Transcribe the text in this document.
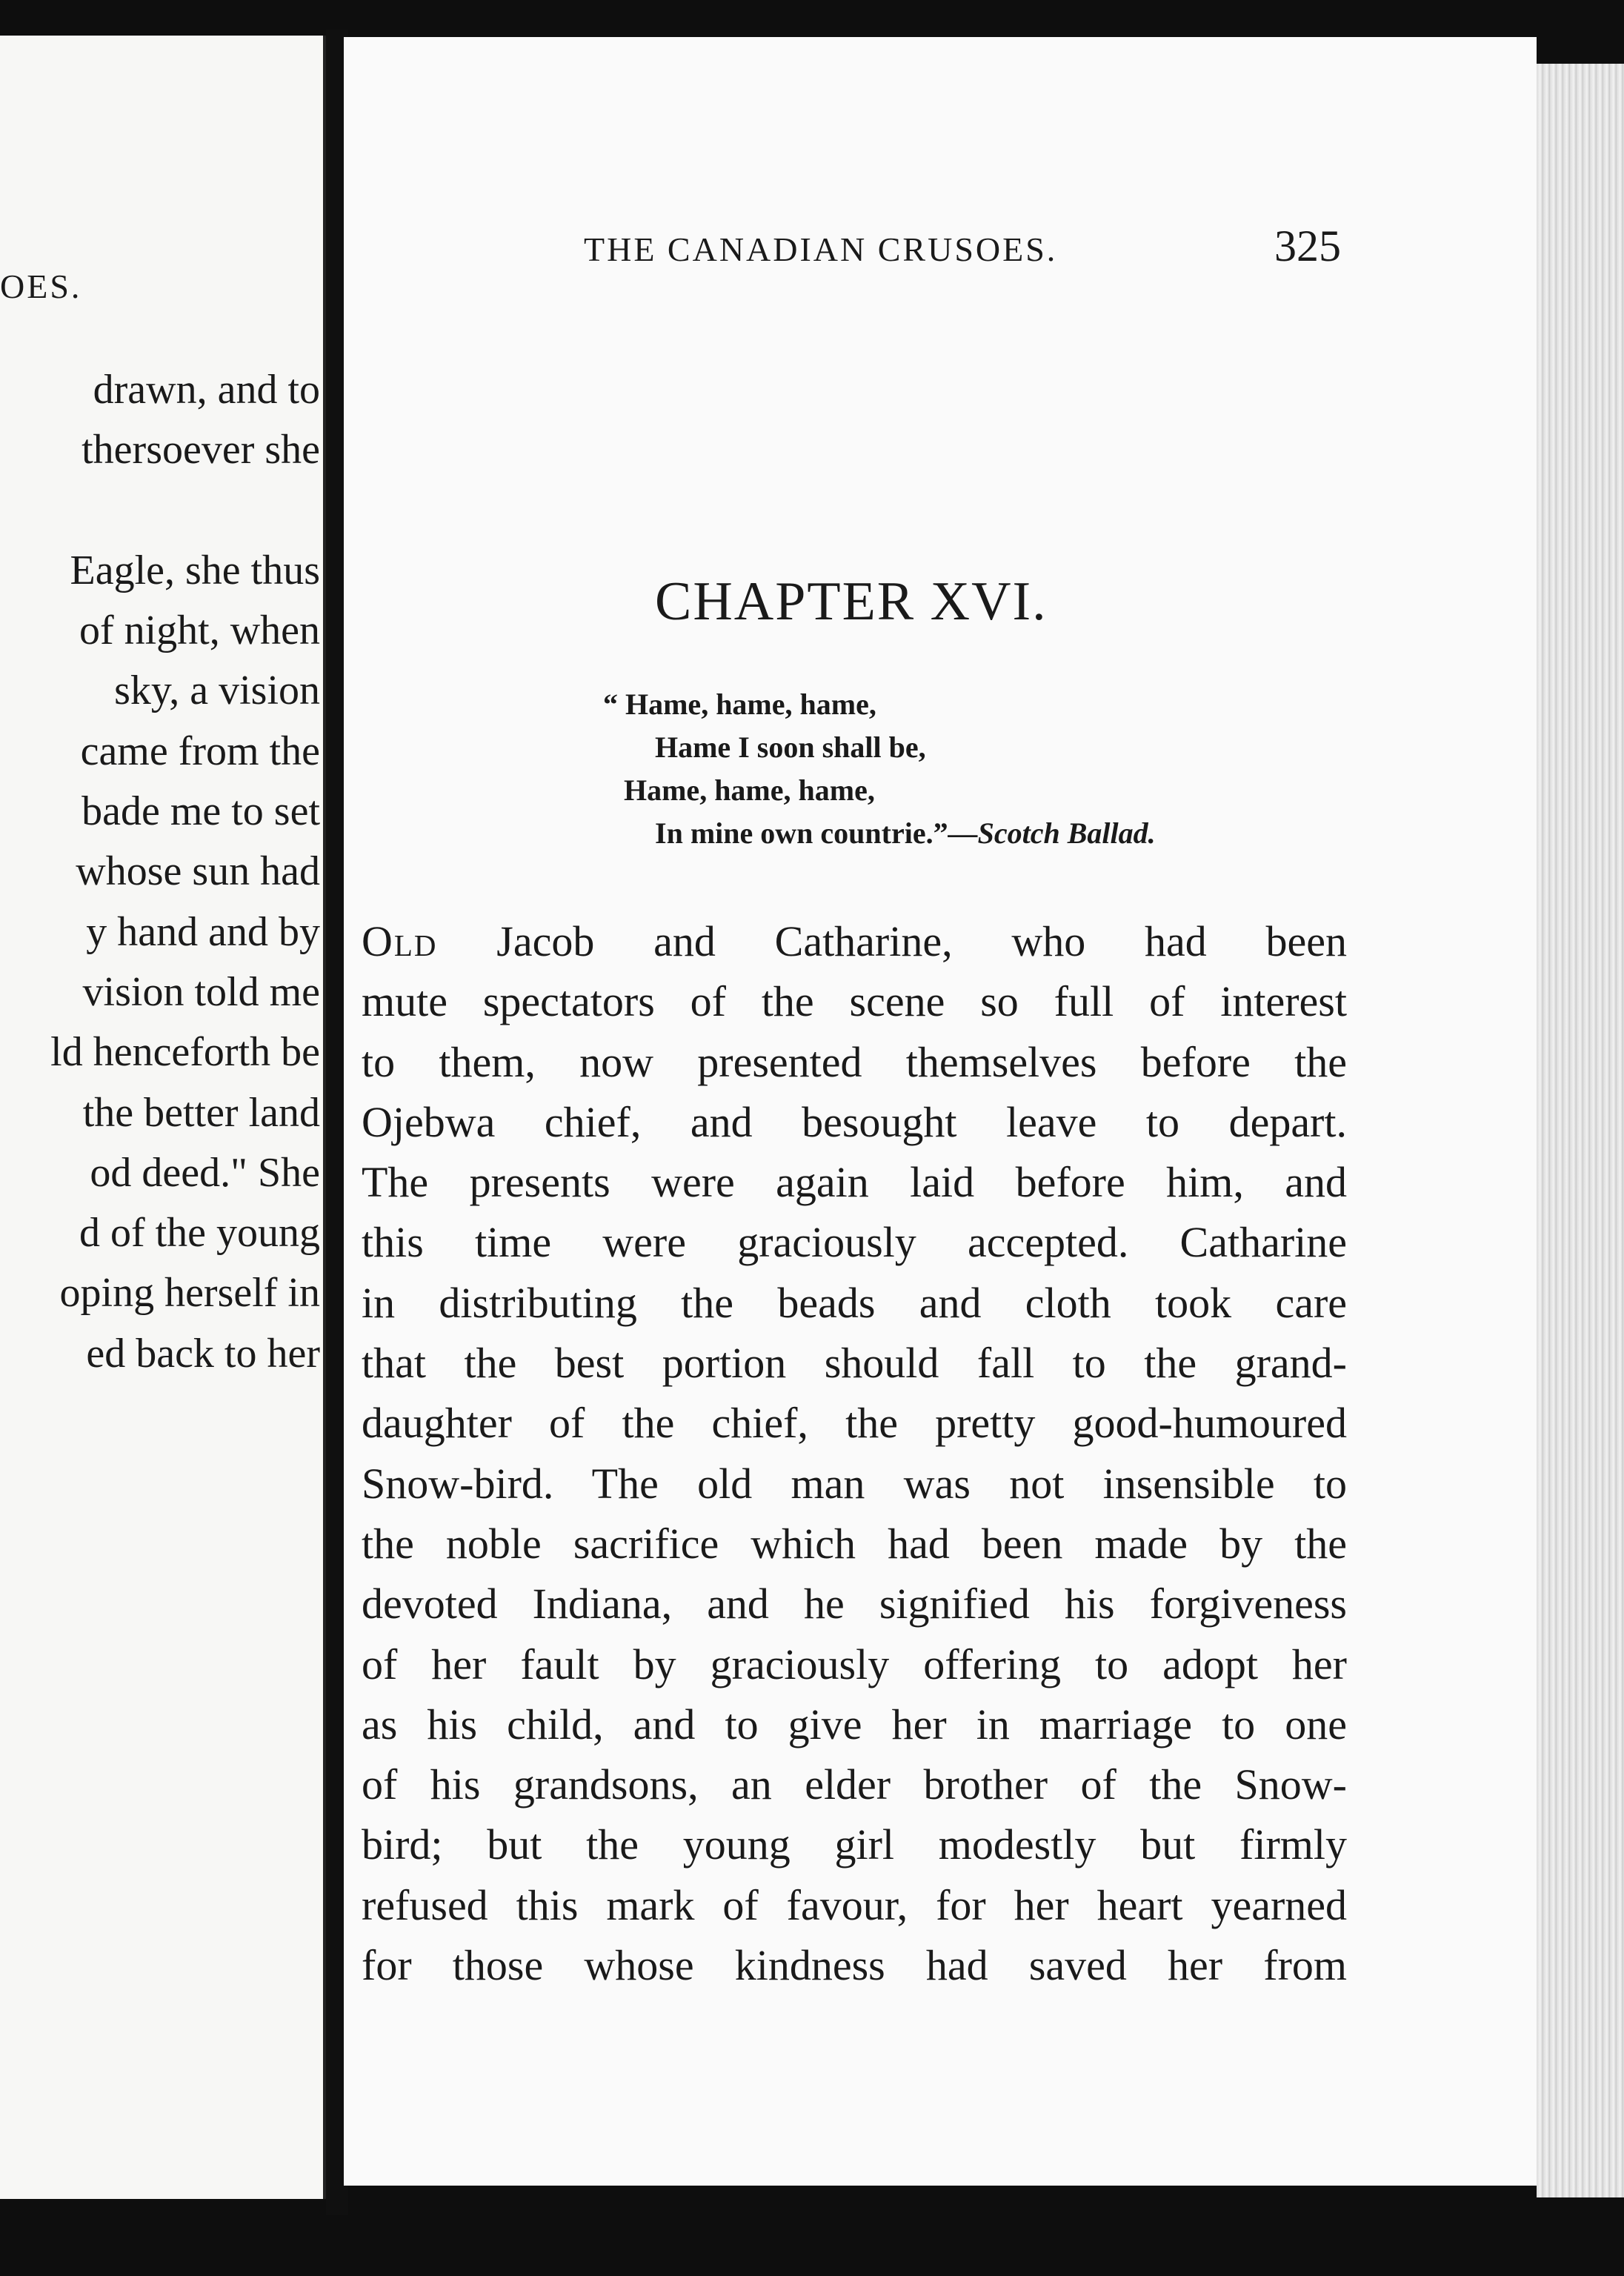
OES.
drawn, and to
thersoever she

Eagle, she thus
of night, when
sky, a vision
came from the
bade me to set
whose sun had
y hand and by
vision told me
ld henceforth be
the better land
od deed." She
d of the young
oping herself in
ed back to her
THE CANADIAN CRUSOES.	325
CHAPTER XVI.
“ Hame, hame, hame,
Hame I soon shall be,
Hame, hame, hame,
In mine own countrie.”—Scotch Ballad.
Old Jacob and Catharine, who had been
mute spectators of the scene so full of interest
to them, now presented themselves before the
Ojebwa chief, and besought leave to depart.
The presents were again laid before him, and
this time were graciously accepted. Catharine
in distributing the beads and cloth took care
that the best portion should fall to the grand-
daughter of the chief, the pretty good-humoured
Snow-bird. The old man was not insensible to
the noble sacrifice which had been made by the
devoted Indiana, and he signified his forgiveness
of her fault by graciously offering to adopt her
as his child, and to give her in marriage to one
of his grandsons, an elder brother of the Snow-
bird; but the young girl modestly but firmly
refused this mark of favour, for her heart yearned
for those whose kindness had saved her from
